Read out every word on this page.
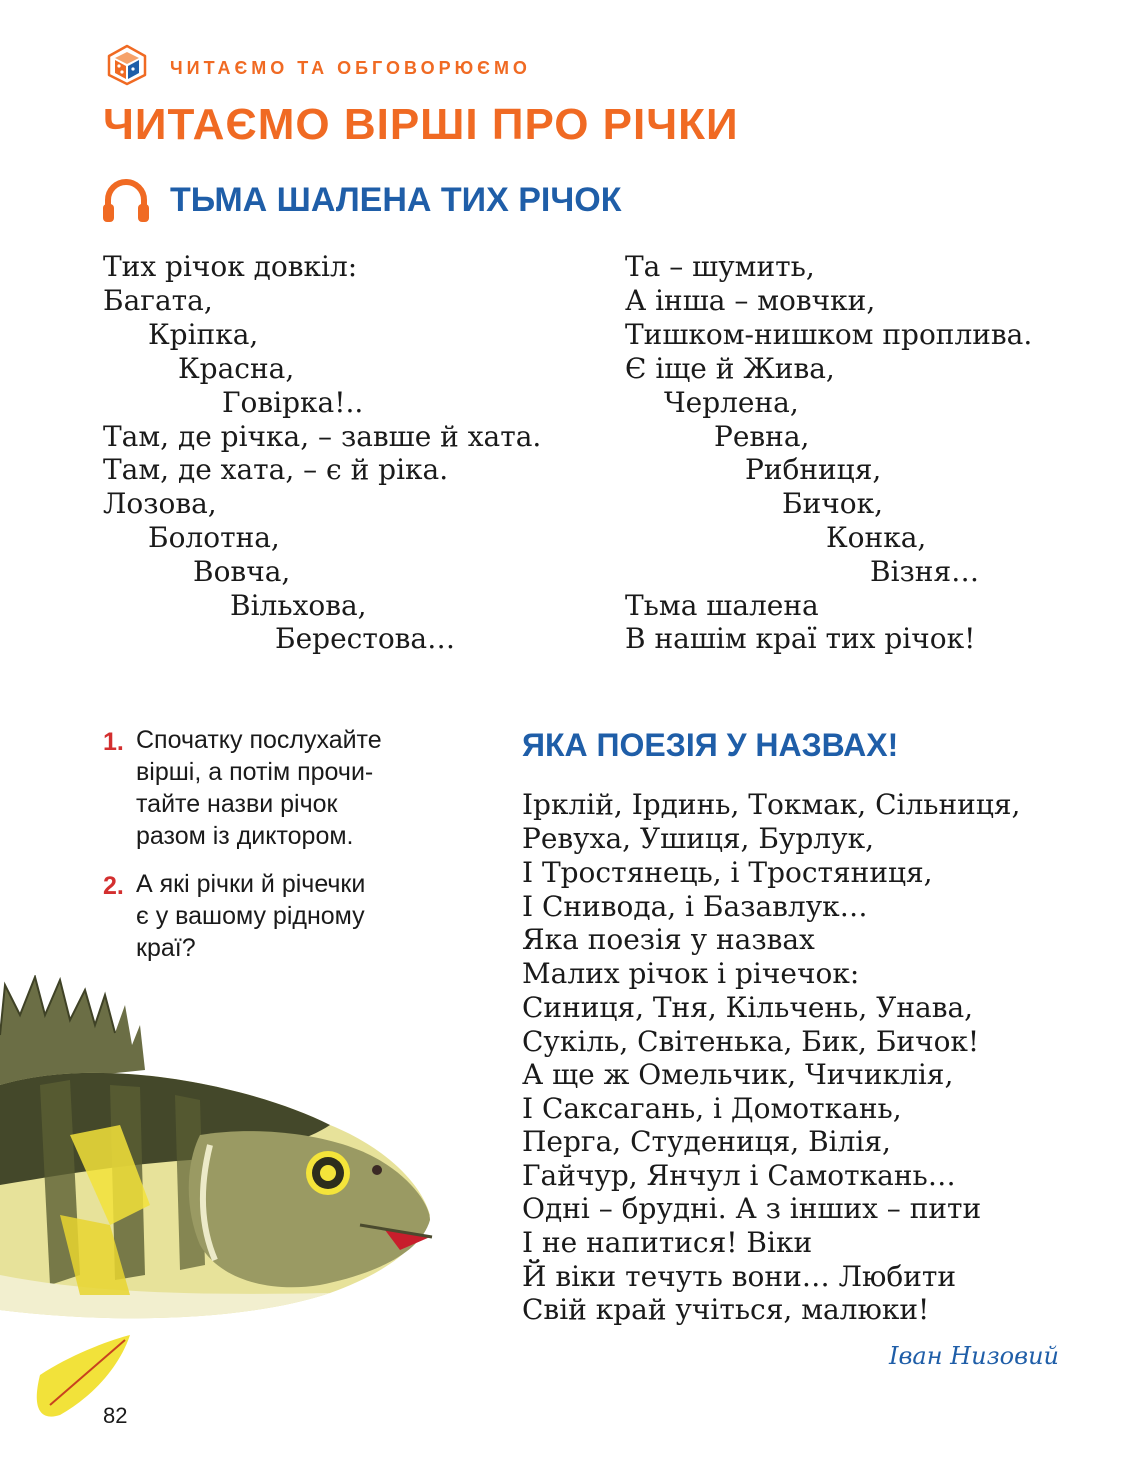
ЧИТАЄМО ТА ОБГОВОРЮЄМО
ЧИТАЄМО ВІРШІ ПРО РІЧКИ
ТЬМА ШАЛЕНА ТИХ РІЧОК
Тих річок довкіл:
Багата,
Кріпка,
Красна,
Говірка!..
Там, де річка, – завше й хата.
Там, де хата, – є й ріка.
Лозова,
Болотна,
Вовча,
Вільхова,
Берестова…
Та – шумить,
А інша – мовчки,
Тишком-нишком проплива.
Є іще й Жива,
Черлена,
Ревна,
Рибниця,
Бичок,
Конка,
Візня…
Тьма шалена
В нашім краї тих річок!
1. Спочатку послухайте
вірші, а потім прочи-
тайте назви річок
разом із диктором.
2. А які річки й річечки
є у вашому рідному
краї?
ЯКА ПОЕЗІЯ У НАЗВАХ!
Ірклій, Ірдинь, Токмак, Сільниця,
Ревуха, Ушиця, Бурлук,
І Тростянець, і Тростяниця,
І Снивода, і Базавлук…
Яка поезія у назвах
Малих річок і річечок:
Синиця, Тня, Кільчень, Унава,
Сукіль, Світенька, Бик, Бичок!
А ще ж Омельчик, Чичиклія,
І Саксагань, і Домоткань,
Перга, Студениця, Вілія,
Гайчур, Янчул і Самоткань…
Одні – брудні. А з інших – пити
І не напитися! Віки
Й віки течуть вони… Любити
Свій край учіться, малюки!
Іван Низовий
82
